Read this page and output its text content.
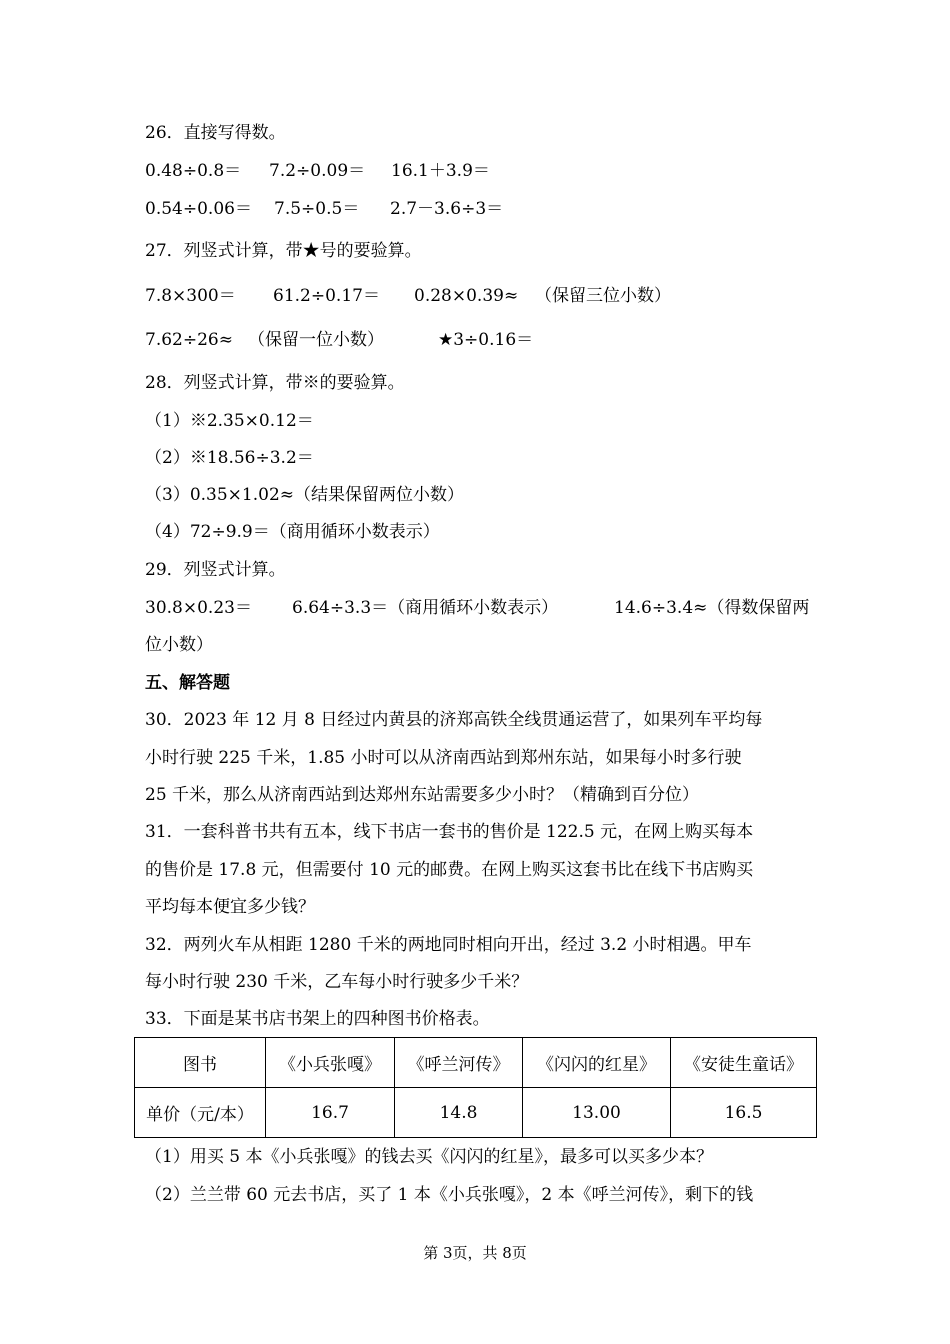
26．直接写得数。
0.48÷0.8＝ 7.2÷0.09＝ 16.1＋3.9＝
0.54÷0.06＝ 7.5÷0.5＝ 2.7－3.6÷3＝
27．列竖式计算，带★号的要验算。
7.8×300＝ 61.2÷0.17＝ 0.28×0.39≈ （保留三位小数）
7.62÷26≈ （保留一位小数）	★3÷0.16＝
28．列竖式计算，带※的要验算。
（1）※2.35×0.12＝
（2）※18.56÷3.2＝
（3）0.35×1.02≈（结果保留两位小数）
（4）72÷9.9＝（商用循环小数表示）
29．列竖式计算。
30.8×0.23＝ 6.64÷3.3＝（商用循环小数表示）	14.6÷3.4≈（得数保留两
位小数）
五、解答题
30．2023 年 12 月 8 日经过内黄县的济郑高铁全线贯通运营了，如果列车平均每
小时行驶 225 千米，1.85 小时可以从济南西站到郑州东站，如果每小时多行驶
25 千米，那么从济南西站到达郑州东站需要多少小时？（精确到百分位）
31．一套科普书共有五本，线下书店一套书的售价是 122.5 元，在网上购买每本
的售价是 17.8 元，但需要付 10 元的邮费。在网上购买这套书比在线下书店购买
平均每本便宜多少钱？
32．两列火车从相距 1280 千米的两地同时相向开出，经过 3.2 小时相遇。甲车
每小时行驶 230 千米，乙车每小时行驶多少千米？
33．下面是某书店书架上的四种图书价格表。
图书	《小兵张嘎》	《呼兰河传》	《闪闪的红星》	《安徒生童话》
单价（元/本）	16.7	14.8	13.00	16.5
（1）用买 5 本《小兵张嘎》的钱去买《闪闪的红星》，最多可以买多少本？
（2）兰兰带 60 元去书店，买了 1 本《小兵张嘎》，2 本《呼兰河传》，剩下的钱
第 3页，共 8页
